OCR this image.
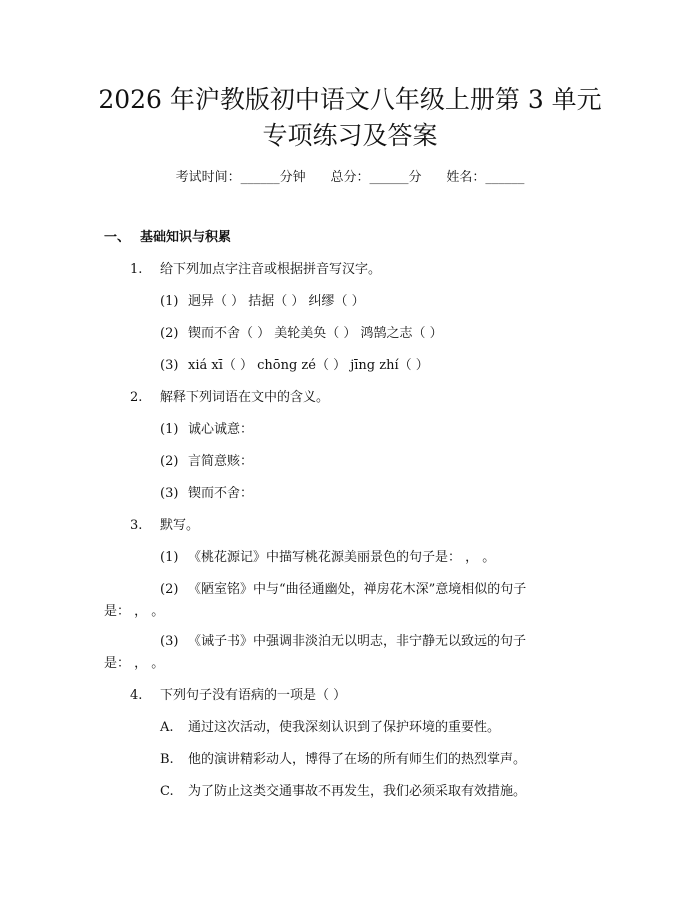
2026 年沪教版初中语文八年级上册第 3 单元
专项练习及答案
考试时间：______分钟 总分：______分 姓名：______
一、 基础知识与积累
1. 给下列加点字注音或根据拼音写汉字。
(1) 迥异（ ） 拮据（ ） 纠缪（ ）
(2) 锲而不舍（ ） 美轮美奂（ ） 鸿鹄之志（ ）
(3) xiá xī（ ） chōng zé（ ） jīng zhí（ ）
2. 解释下列词语在文中的含义。
(1) 诚心诚意：
(2) 言简意赅：
(3) 锲而不舍：
3. 默写。
(1) 《桃花源记》中描写桃花源美丽景色的句子是： ， 。
(2) 《陋室铭》中与“曲径通幽处，禅房花木深”意境相似的句子
是： ， 。
(3) 《诫子书》中强调非淡泊无以明志，非宁静无以致远的句子
是： ， 。
4. 下列句子没有语病的一项是（ ）
A. 通过这次活动，使我深刻认识到了保护环境的重要性。
B. 他的演讲精彩动人，博得了在场的所有师生们的热烈掌声。
C. 为了防止这类交通事故不再发生，我们必须采取有效措施。
